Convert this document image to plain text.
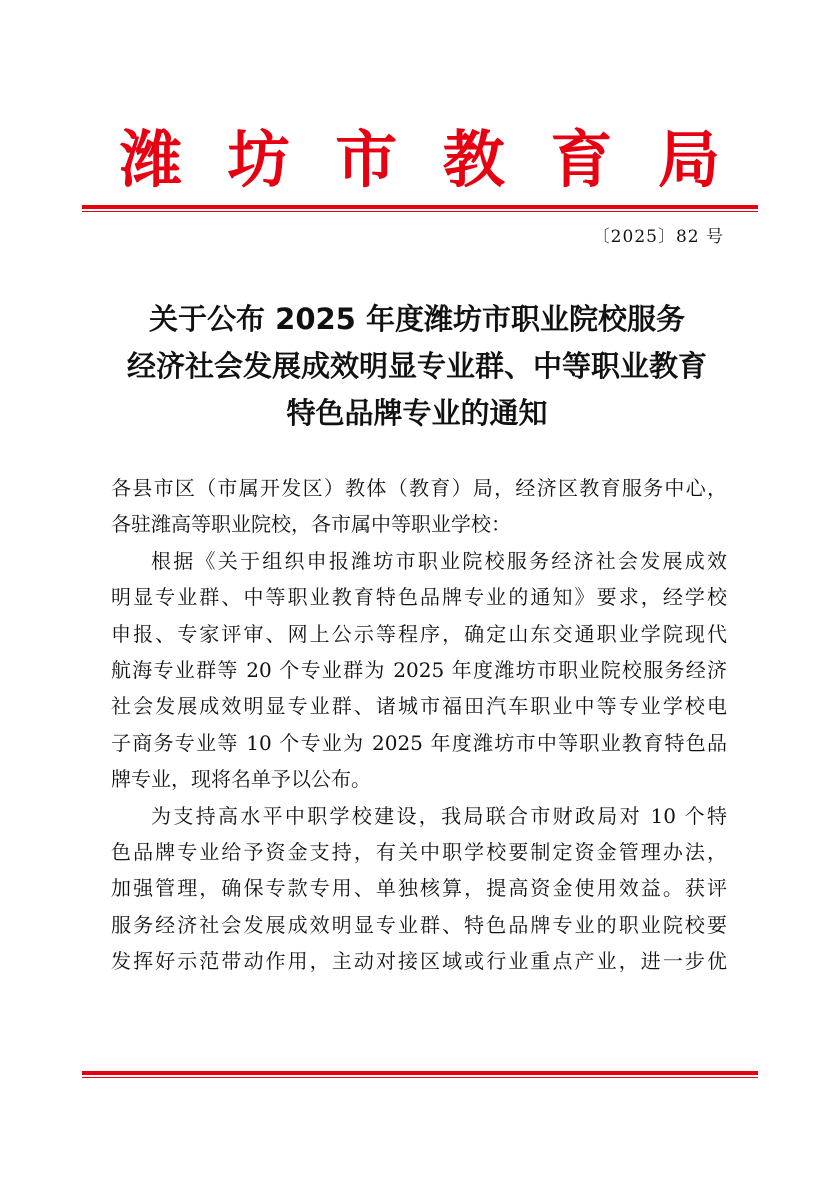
潍 坊 市 教 育 局
〔2025〕82 号
关于公布 2025 年度潍坊市职业院校服务
经济社会发展成效明显专业群、中等职业教育
特色品牌专业的通知
各县市区（市属开发区）教体（教育）局，经济区教育服务中心，
各驻潍高等职业院校，各市属中等职业学校：
根据《关于组织申报潍坊市职业院校服务经济社会发展成效
明显专业群、中等职业教育特色品牌专业的通知》要求，经学校
申报、专家评审、网上公示等程序，确定山东交通职业学院现代
航海专业群等 20 个专业群为 2025 年度潍坊市职业院校服务经济
社会发展成效明显专业群、诸城市福田汽车职业中等专业学校电
子商务专业等 10 个专业为 2025 年度潍坊市中等职业教育特色品
牌专业，现将名单予以公布。
为支持高水平中职学校建设，我局联合市财政局对 10 个特
色品牌专业给予资金支持，有关中职学校要制定资金管理办法，
加强管理，确保专款专用、单独核算，提高资金使用效益。获评
服务经济社会发展成效明显专业群、特色品牌专业的职业院校要
发挥好示范带动作用，主动对接区域或行业重点产业，进一步优
